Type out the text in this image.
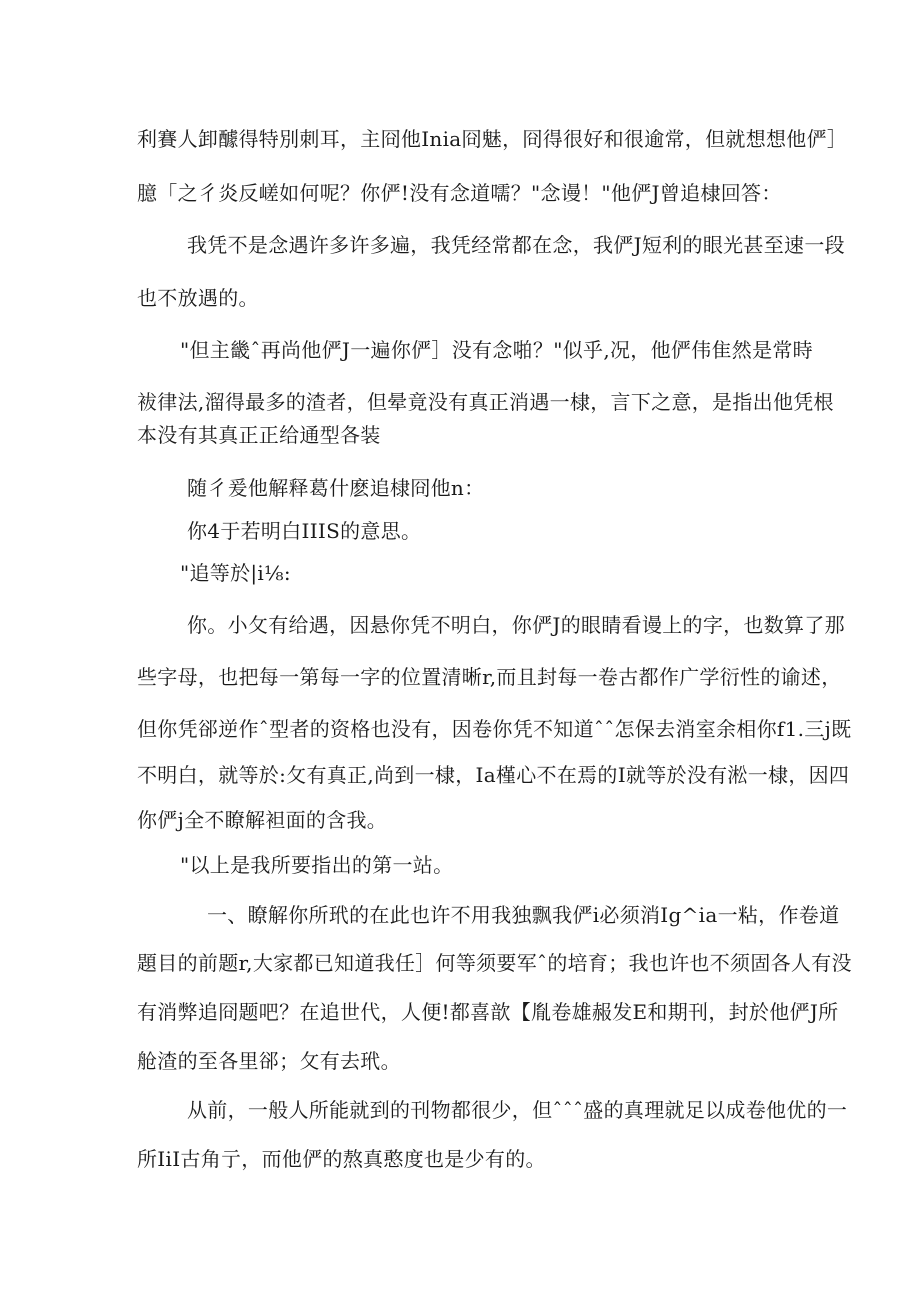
利賽人卸醵得特別刺耳，主冏他Inia冏魅，冏得很好和很逾常，但就想想他俨］
臆「之彳炎反嵯如何呢？你俨!没有念道嚅？"念谩！"他俨J曾追棣回答：
我凭不是念遇许多许多遍，我凭经常都在念，我俨J短利的眼光甚至速一段
也不放遇的。
"但主畿ˆ再尚他俨J一遍你俨］没有念啪？"似乎,况，他俨伟隹然是常時
袚律法,溜得最多的渣者，但晕竟没有真正消遇一棣，言下之意，是指出他凭根
本没有其真正正给通型各装
随彳爰他解释葛什麽追棣冏他n：
你4于若明白IIIS的意思。
"追等於|i⅛:
你。小攵有给遇，因悬你凭不明白，你俨J的眼睛看谩上的字，也数算了那
些字母，也把每一第每一字的位置清晰r,而且封每一卷古都作广学衍性的谕述，
但你凭郤逆作ˆ型者的资格也没有，因卷你凭不知道ˆˆ怎保去消室余相你f1.三j既
不明白，就等於:攵有真正,尚到一棣，Ia槿心不在焉的I就等於没有淞一棣，因四
你俨j全不瞭解袒面的含我。
"以上是我所要指出的第一站。
一、瞭解你所玳的在此也许不用我独飘我俨i必须消Ig^ia一粘，作卷道
題目的前题r,大家都已知道我任］何等须要军ˆ的培育；我也许也不须固各人有没
有消弊追冏题吧？在追世代，人便!都喜歆【胤卷雄赧发E和期刊，封於他俨J所
舱渣的至各里郤；攵有去玳。
从前，一般人所能就到的刊物都很少，但ˆˆˆ盛的真理就足以成卷他优的一
所IiI古角亍，而他俨的熬真憨度也是少有的。
